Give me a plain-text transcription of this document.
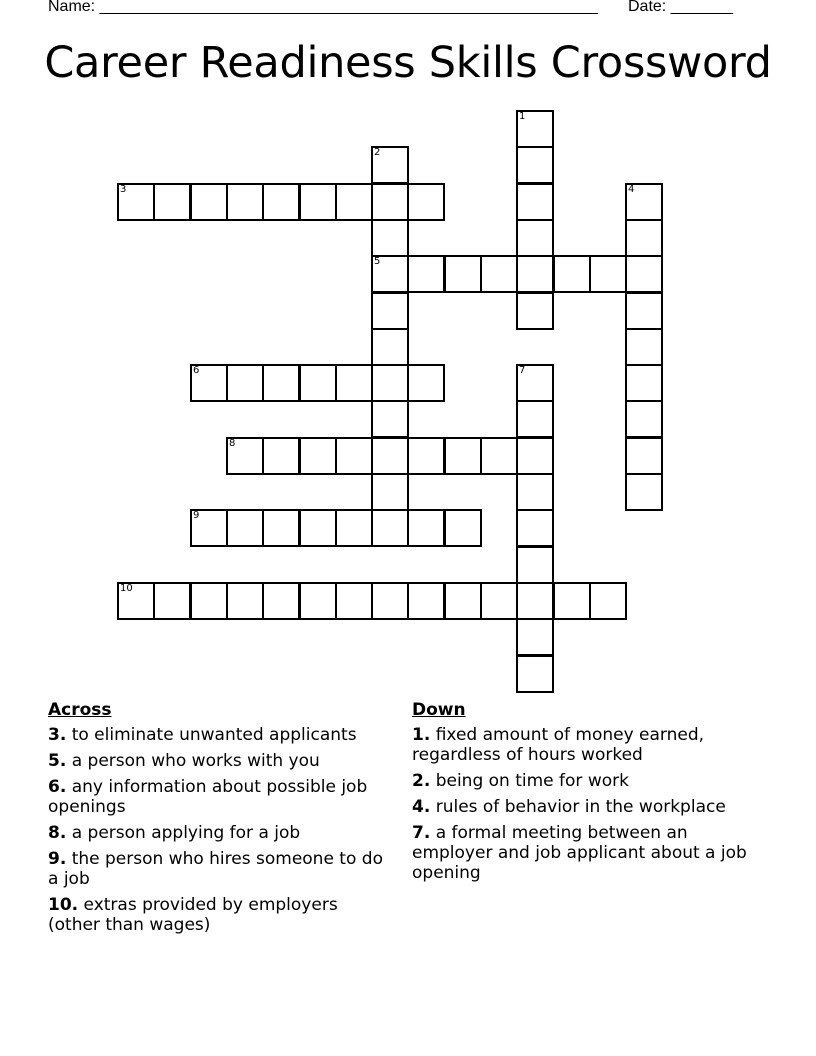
Name: ________________________________________________________ Date: _______
Career Readiness Skills Crossword
1
2
5
3	4
6	7
8
9
10
Across
3. to eliminate unwanted applicants
5. a person who works with you
6. any information about possible job openings
8. a person applying for a job
9. the person who hires someone to do a job
10. extras provided by employers (other than wages)
Down
1. fixed amount of money earned, regardless of hours worked
2. being on time for work
4. rules of behavior in the workplace
7. a formal meeting between an employer and job applicant about a job opening
